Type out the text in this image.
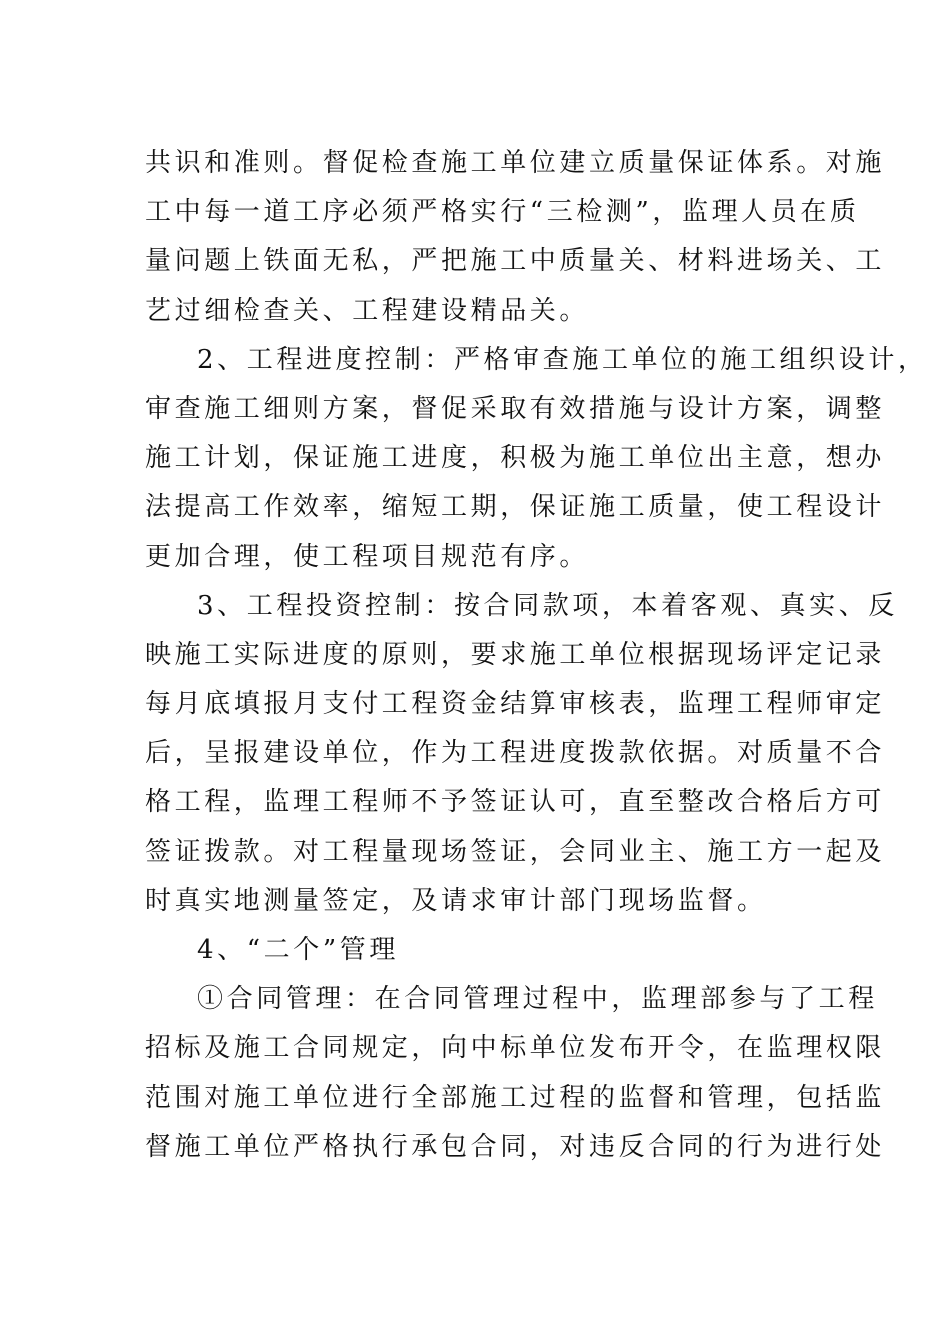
共识和准则。督促检查施工单位建立质量保证体系。对施
工中每一道工序必须严格实行“三检测”，监理人员在质
量问题上铁面无私，严把施工中质量关、材料进场关、工
艺过细检查关、工程建设精品关。
2、工程进度控制：严格审查施工单位的施工组织设计，
审查施工细则方案，督促采取有效措施与设计方案，调整
施工计划，保证施工进度，积极为施工单位出主意，想办
法提高工作效率，缩短工期，保证施工质量，使工程设计
更加合理，使工程项目规范有序。
3、工程投资控制：按合同款项，本着客观、真实、反
映施工实际进度的原则，要求施工单位根据现场评定记录
每月底填报月支付工程资金结算审核表，监理工程师审定
后，呈报建设单位，作为工程进度拨款依据。对质量不合
格工程，监理工程师不予签证认可，直至整改合格后方可
签证拨款。对工程量现场签证，会同业主、施工方一起及
时真实地测量签定，及请求审计部门现场监督。
4、“二个”管理
①合同管理：在合同管理过程中，监理部参与了工程
招标及施工合同规定，向中标单位发布开令，在监理权限
范围对施工单位进行全部施工过程的监督和管理，包括监
督施工单位严格执行承包合同，对违反合同的行为进行处
